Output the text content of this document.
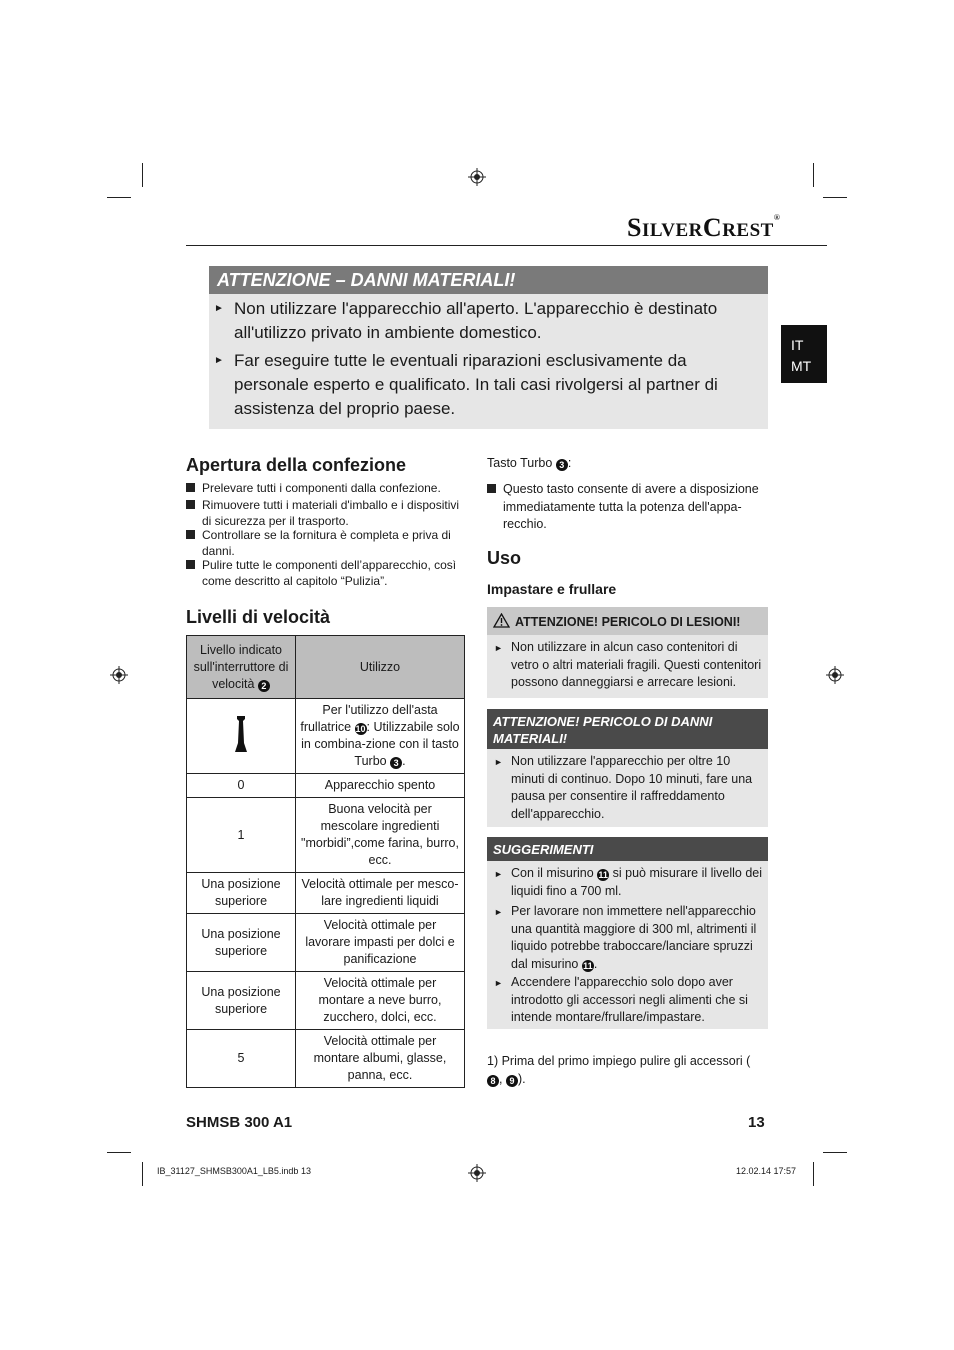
SILVERCREST®
IT
MT
ATTENZIONE – DANNI MATERIALI!
► Non utilizzare l'apparecchio all'aperto. L'apparecchio è destinato all'utilizzo privato in ambiente domestico.
► Far eseguire tutte le eventuali riparazioni esclusivamente da personale esperto e qualificato. In tali casi rivolgersi al partner di assistenza del proprio paese.
Apertura della confezione
Prelevare tutti i componenti dalla confezione.
Rimuovere tutti i materiali d'imballo e i dispositivi di sicurezza per il trasporto.
Controllare se la fornitura è completa e priva di danni.
Pulire tutte le componenti dell’apparecchio, così come descritto al capitolo “Pulizia”.
Livelli di velocità
Livello indicato sull'interruttore di velocità 2	Utilizzo
	Per l'utilizzo dell'asta frullatrice 10: Utilizzabile solo in combina-zione con il tasto Turbo 3 .
0	Apparecchio spento
1	Buona velocità per mescolare ingredienti "morbidi”,come farina, burro, ecc.
Una posizione superiore	Velocità ottimale per mesco-lare ingredienti liquidi
Una posizione superiore	Velocità ottimale per lavorare impasti per dolci e panificazione
Una posizione superiore	Velocità ottimale per montare a neve burro, zucchero, dolci, ecc.
5	Velocità ottimale per montare albumi, glasse, panna, ecc.
Tasto Turbo 3 :
Questo tasto consente di avere a disposizione immediatamente tutta la potenza dell'appa-recchio.
Uso
Impastare e frullare
ATTENZIONE! PERICOLO DI LESIONI!
► Non utilizzare in alcun caso contenitori di vetro o altri materiali fragili. Questi contenitori possono danneggiarsi e arrecare lesioni.
ATTENZIONE! PERICOLO DI DANNI MATERIALI!
► Non utilizzare l'apparecchio per oltre 10 minuti di continuo. Dopo 10 minuti, fare una pausa per consentire il raffreddamento dell'apparecchio.
SUGGERIMENTI
► Con il misurino 11 si può misurare il livello dei liquidi fino a 700 ml.
► Per lavorare non immettere nell'apparecchio una quantità maggiore di 300 ml, altrimenti il liquido potrebbe traboccare/lanciare spruzzi dal misurino 11.
► Accendere l'apparecchio solo dopo aver introdotto gli accessori negli alimenti che si intende montare/frullare/impastare.
1) Prima del primo impiego pulire gli accessori (8 , 9 ).
SHMSB 300 A1	13
IB_31127_SHMSB300A1_LB5.indb 13	12.02.14 17:57
